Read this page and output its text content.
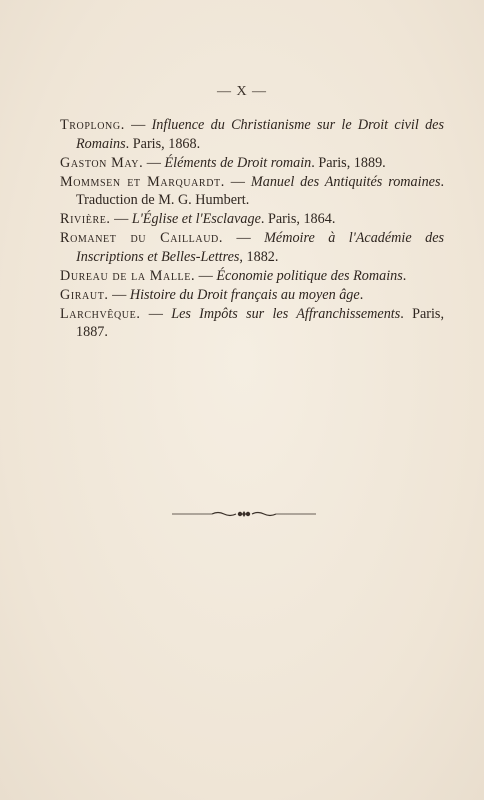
— X —

Troplong. — Influence du Christianisme sur le Droit civil des Romains. Paris, 1868.

Gaston May. — Éléments de Droit romain. Paris, 1889.

Mommsen et Marquardt. — Manuel des Antiquités romaines. Traduction de M. G. Humbert.

Rivière. — L'Église et l'Esclavage. Paris, 1864.

Romanet du Caillaud. — Mémoire à l'Académie des Inscriptions et Belles-Lettres, 1882.

Dureau de la Malle. — Économie politique des Romains.

Giraut. — Histoire du Droit français au moyen âge.

Larchvêque. — Les Impôts sur les Affranchissements. Paris, 1887.
